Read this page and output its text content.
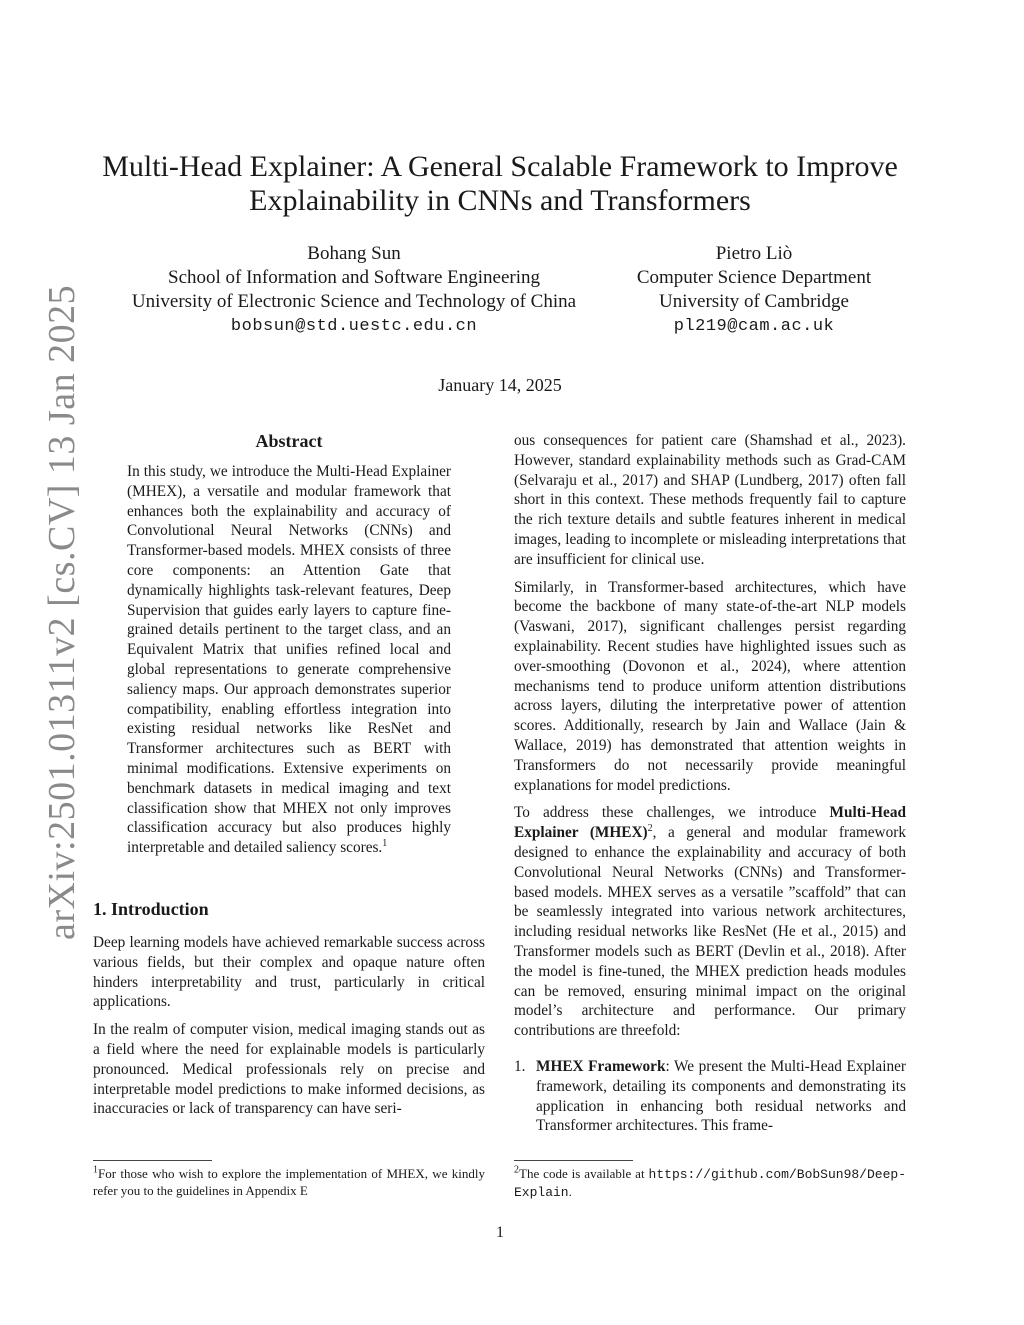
arXiv:2501.01311v2 [cs.CV] 13 Jan 2025
Multi-Head Explainer: A General Scalable Framework to Improve
Explainability in CNNs and Transformers
Bohang Sun
School of Information and Software Engineering
University of Electronic Science and Technology of China
bobsun@std.uestc.edu.cn
Pietro Liò
Computer Science Department
University of Cambridge
pl219@cam.ac.uk
January 14, 2025
Abstract
In this study, we introduce the Multi-Head Explainer (MHEX), a versatile and modular framework that enhances both the explainability and accuracy of Convolutional Neural Networks (CNNs) and Transformer-based models. MHEX consists of three core components: an Attention Gate that dynamically highlights task-relevant features, Deep Supervision that guides early layers to capture fine-grained details pertinent to the target class, and an Equivalent Matrix that unifies refined local and global representations to generate comprehensive saliency maps. Our approach demonstrates superior compatibility, enabling effortless integration into existing residual networks like ResNet and Transformer architectures such as BERT with minimal modifications. Extensive experiments on benchmark datasets in medical imaging and text classification show that MHEX not only improves classification accuracy but also produces highly interpretable and detailed saliency scores.$^1$
1. Introduction

Deep learning models have achieved remarkable success across various fields, but their complex and opaque nature often hinders interpretability and trust, particularly in critical applications.

In the realm of computer vision, medical imaging stands out as a field where the need for explainable models is particularly pronounced. Medical professionals rely on precise and interpretable model predictions to make informed decisions, as inaccuracies or lack of transparency can have seri-

ous consequences for patient care (Shamshad et al., 2023). However, standard explainability methods such as Grad-CAM (Selvaraju et al., 2017) and SHAP (Lundberg, 2017) often fall short in this context. These methods frequently fail to capture the rich texture details and subtle features inherent in medical images, leading to incomplete or misleading interpretations that are insufficient for clinical use.

Similarly, in Transformer-based architectures, which have become the backbone of many state-of-the-art NLP models (Vaswani, 2017), significant challenges persist regarding explainability. Recent studies have highlighted issues such as over-smoothing (Dovonon et al., 2024), where attention mechanisms tend to produce uniform attention distributions across layers, diluting the interpretative power of attention scores. Additionally, research by Jain and Wallace (Jain & Wallace, 2019) has demonstrated that attention weights in Transformers do not necessarily provide meaningful explanations for model predictions.

To address these challenges, we introduce Multi-Head Explainer (MHEX)$^2$, a general and modular framework designed to enhance the explainability and accuracy of both Convolutional Neural Networks (CNNs) and Transformer-based models. MHEX serves as a versatile ”scaffold” that can be seamlessly integrated into various network architectures, including residual networks like ResNet (He et al., 2015) and Transformer models such as BERT (Devlin et al., 2018). After the model is fine-tuned, the MHEX prediction heads modules can be removed, ensuring minimal impact on the original model’s architecture and performance. Our primary contributions are threefold:

1. MHEX Framework: We present the Multi-Head Explainer framework, detailing its components and demonstrating its application in enhancing both residual networks and Transformer architectures. This frame-
$^1$For those who wish to explore the implementation of MHEX, we kindly refer you to the guidelines in Appendix E
$^2$The code is available at https://github.com/BobSun98/Deep-Explain.
1
